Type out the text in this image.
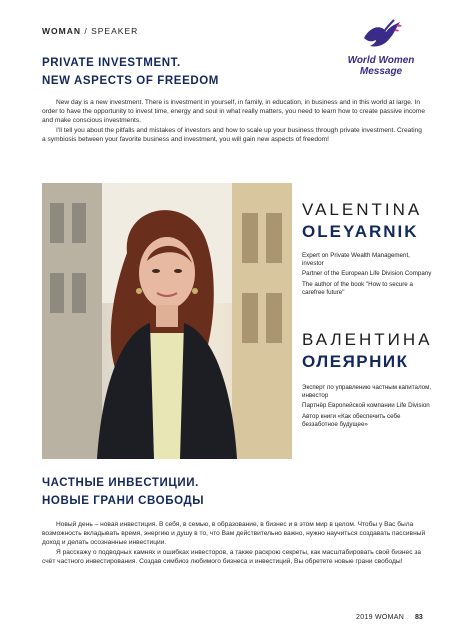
WOMAN / SPEAKER
PRIVATE INVESTMENT.
NEW ASPECTS OF FREEDOM
World Women
Message

New day is a new investment. There is investment in yourself, in family, in education, in business and in this world at large. In order to have the opportunity to invest time, energy and soul in what really matters, you need to learn how to create passive income and make conscious investments.

I'll tell you about the pitfalls and mistakes of investors and how to scale up your business through private investment. Creating a symbiosis between your favorite business and investment, you will gain new aspects of freedom!

VALENTINA
OLEYARNIK
Expert on Private Wealth Management, investor
Partner of the European Life Division Company
The author of the book "How to secure a carefree future"
ВАЛЕНТИНА
ОЛЕЯРНИК
Эксперт по управлению частным капиталом, инвестор
Партнёр Европейской компании Life Division
Автор книги «Как обеспечить себе беззаботное будущее»
ЧАСТНЫЕ ИНВЕСТИЦИИ.
НОВЫЕ ГРАНИ СВОБОДЫ

Новый день – новая инвестиция. В себя, в семью, в образование, в бизнес и в этом мир в целом. Чтобы у Вас была возможность вкладывать время, энергию и душу в то, что Вам действительно важно, нужно научиться создавать пассивный доход и делать осознанные инвестиции.

Я расскажу о подводных камнях и ошибках инвесторов, а также раскрою секреты, как масштабировать свой бизнес за счёт частного инвестирования. Создав симбиоз любимого бизнеса и инвестиций, Вы обретете новые грани свободы!

2019 WOMAN 83
